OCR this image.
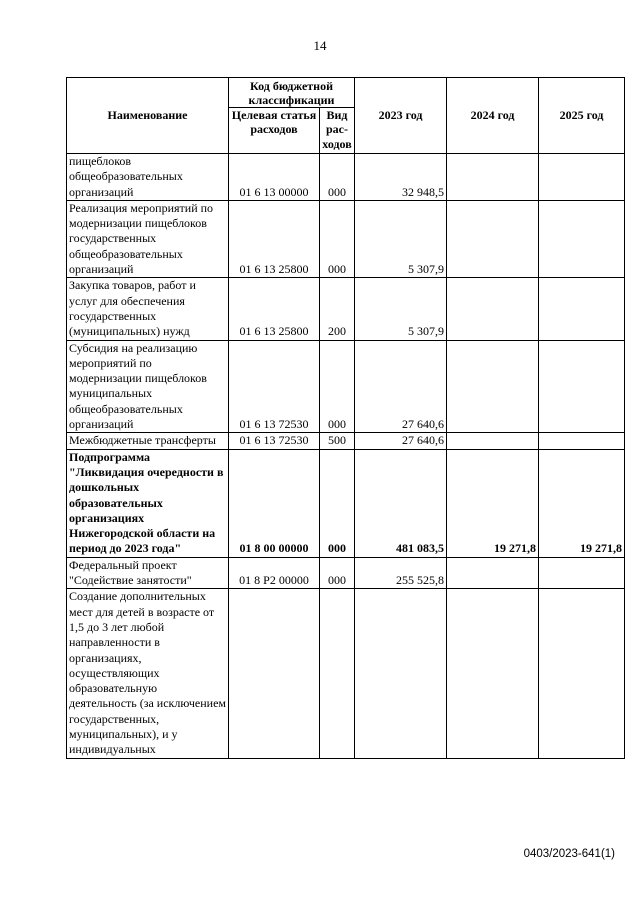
14
Наименование	Код бюджетной классификации		2023 год	2024 год	2025 год
	Целевая статья расходов	Вид рас-ходов			
пищеблоков общеобразовательных организаций	01 6 13 00000	000	32 948,5		
Реализация мероприятий по модернизации пищеблоков государственных общеобразовательных организаций	01 6 13 25800	000	5 307,9		
Закупка товаров, работ и услуг для обеспечения государственных (муниципальных) нужд	01 6 13 25800	200	5 307,9		
Субсидия на реализацию мероприятий по модернизации пищеблоков муниципальных общеобразовательных организаций	01 6 13 72530	000	27 640,6		
Межбюджетные трансферты	01 6 13 72530	500	27 640,6		
Подпрограмма "Ликвидация очередности в дошкольных образовательных организациях Нижегородской области на период до 2023 года"	01 8 00 00000	000	481 083,5	19 271,8	19 271,8
Федеральный проект "Содействие занятости"	01 8 P2 00000	000	255 525,8		
Создание дополнительных мест для детей в возрасте от 1,5 до 3 лет любой направленности в организациях, осуществляющих образовательную деятельность (за исключением государственных, муниципальных), и у индивидуальных					
0403/2023-641(1)
